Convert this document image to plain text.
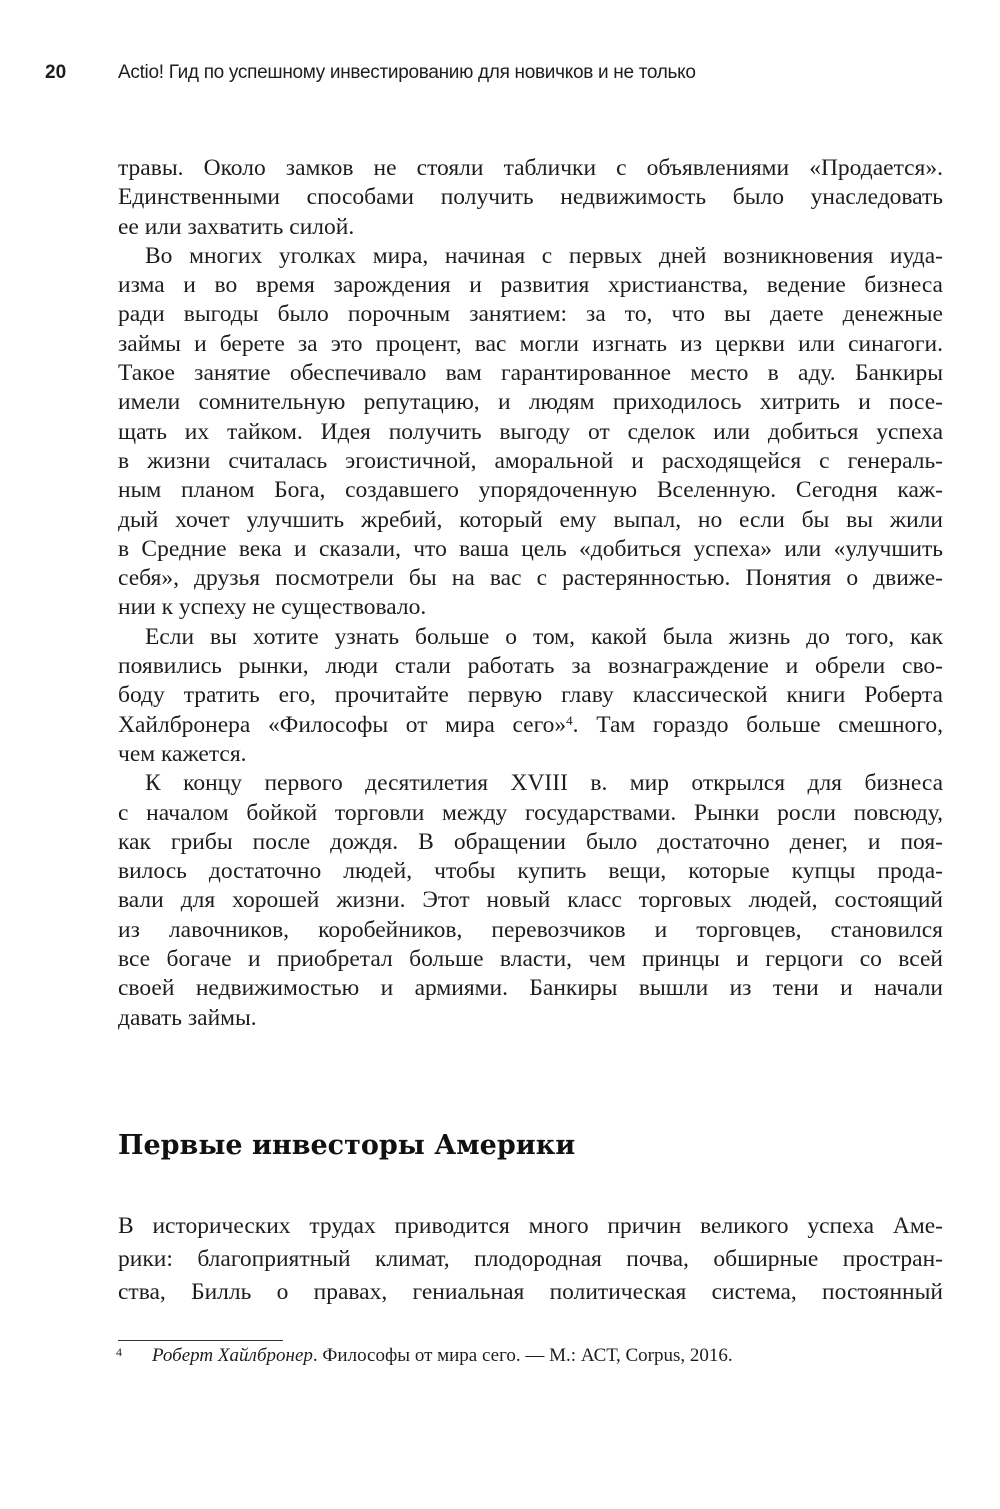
20	Actio! Гид по успешному инвестированию для новичков и не только
травы. Около замков не стояли таблички с объявлениями «Продается».
Единственными способами получить недвижимость было унаследовать
ее или захватить силой.
Во многих уголках мира, начиная с первых дней возникновения иуда-
изма и во время зарождения и развития христианства, ведение бизнеса
ради выгоды было порочным занятием: за то, что вы даете денежные
займы и берете за это процент, вас могли изгнать из церкви или синагоги.
Такое занятие обеспечивало вам гарантированное место в аду. Банкиры
имели сомнительную репутацию, и людям приходилось хитрить и посе-
щать их тайком. Идея получить выгоду от сделок или добиться успеха
в жизни считалась эгоистичной, аморальной и расходящейся с генераль-
ным планом Бога, создавшего упорядоченную Вселенную. Сегодня каж-
дый хочет улучшить жребий, который ему выпал, но если бы вы жили
в Средние века и сказали, что ваша цель «добиться успеха» или «улучшить
себя», друзья посмотрели бы на вас с растерянностью. Понятия о движе-
нии к успеху не существовало.
Если вы хотите узнать больше о том, какой была жизнь до того, как
появились рынки, люди стали работать за вознаграждение и обрели сво-
боду тратить его, прочитайте первую главу классической книги Роберта
Хайлбронера «Философы от мира сего»$^4$. Там гораздо больше смешного,
чем кажется.
К концу первого десятилетия XVIII в. мир открылся для бизнеса
с началом бойкой торговли между государствами. Рынки росли повсюду,
как грибы после дождя. В обращении было достаточно денег, и поя-
вилось достаточно людей, чтобы купить вещи, которые купцы прода-
вали для хорошей жизни. Этот новый класс торговых людей, состоящий
из лавочников, коробейников, перевозчиков и торговцев, становился
все богаче и приобретал больше власти, чем принцы и герцоги со всей
своей недвижимостью и армиями. Банкиры вышли из тени и начали
давать займы.
Первые инвесторы Америки
В исторических трудах приводится много причин великого успеха Аме-
рики: благоприятный климат, плодородная почва, обширные простран-
ства, Билль о правах, гениальная политическая система, постоянный
4 Роберт Хайлбронер. Философы от мира сего. — М.: АСТ, Corpus, 2016.
